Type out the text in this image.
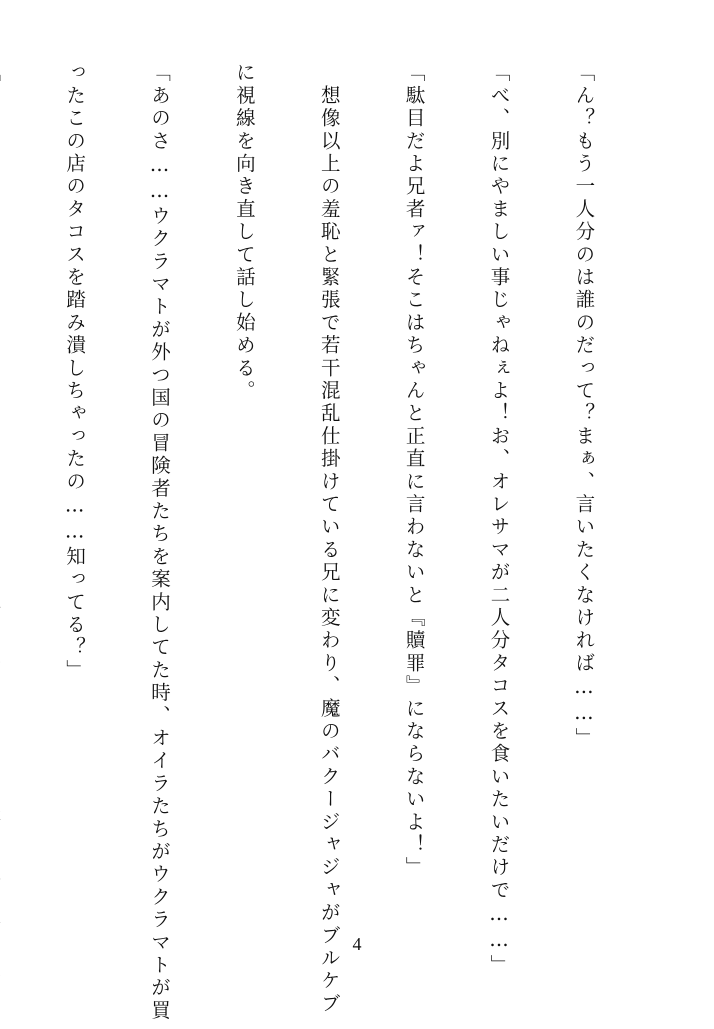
「ん？もう一人分のは誰のだって？まぁ、言いたくなければ……」

「べ、別にやましい事じゃねぇよ！お、オレサマが二人分タコスを食いたいだけで……」

「駄目だよ兄者ァ！そこはちゃんと正直に言わないと『贖罪』にならないよ！」

　想像以上の羞恥と緊張で若干混乱仕掛けている兄に変わり、魔のバクージャジャがブルケブ

に視線を向き直して話し始める。

「あのさ……ウクラマトが外つ国の冒険者たちを案内してた時、オイラたちがウクラマトが買

ったこの店のタコスを踏み潰しちゃったの……知ってる？」

4
